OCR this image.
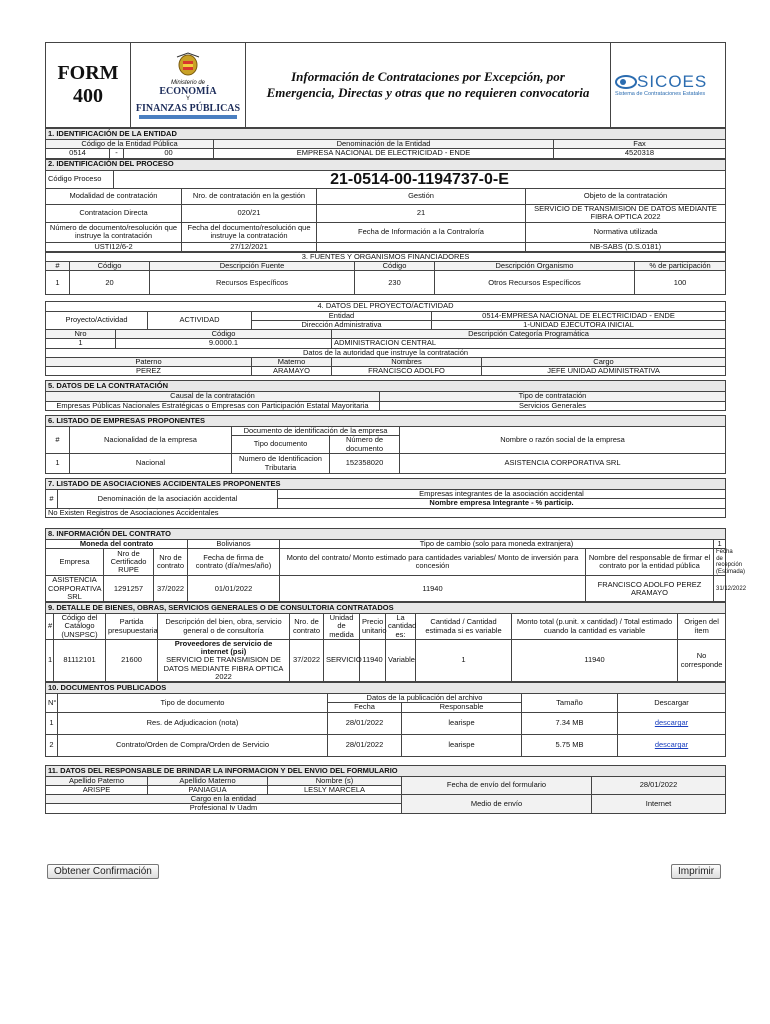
FORM
400

Ministerio de
ECONOMÍA
Y
FINANZAS PÚBLICAS

Información de Contrataciones por Excepción, por
Emergencia, Directas y otras que no requieren convocatoria

SICOES
Sistema de Contrataciones Estatales
1. IDENTIFICACIÓN DE LA ENTIDAD				
Código de la Entidad Pública			Denominación de la Entidad	Fax
0514	-	00	EMPRESA NACIONAL DE ELECTRICIDAD - ENDE	4520318
2. IDENTIFICACIÓN DEL PROCESO				
Código Proceso	21-0514-00-1194737-0-E			
Modalidad de contratación		Nro. de contratación en la gestión	Gestión	Objeto de la contratación
Contratacion Directa		020/21	21	SERVICIO DE TRANSMISION DE DATOS MEDIANTE FIBRA OPTICA 2022
Número de documento/resolución que instruye la contratación		Fecha del documento/resolución que instruye la contratación	Fecha de Información a la Contraloría	Normativa utilizada
USTI12/6-2		27/12/2021		NB-SABS (D.S.0181)
3. FUENTES Y ORGANISMOS FINANCIADORES					
#	Código	Descripción Fuente	Código	Descripción Organismo	% de participación
1	20	Recursos Específicos	230	Otros Recursos Específicos	100
4. DATOS DEL PROYECTO/ACTIVIDAD						
Proyecto/Actividad		ACTIVIDAD	Entidad		0514-EMPRESA NACIONAL DE ELECTRICIDAD - ENDE	
			Dirección Administrativa		1-UNIDAD EJECUTORA INICIAL	
Nro	Código			Descripción Categoría Programática		
1	9.0000.1			ADMINISTRACION CENTRAL		
Datos de la autoridad que instruye la contratación						
Paterno			Materno	Nombres		Cargo
PEREZ			ARAMAYO	FRANCISCO ADOLFO		JEFE UNIDAD ADMINISTRATIVA
5. DATOS DE LA CONTRATACIÓN	
Causal de la contratación	Tipo de contratación
Empresas Públicas Nacionales Estratégicas o Empresas con Participación Estatal Mayoritaria	Servicios Generales
6. LISTADO DE EMPRESAS PROPONENTES				
#	Nacionalidad de la empresa	Documento de identificación de la empresa		Nombre o razón social de la empresa
		Tipo documento	Número de documento	
1	Nacional	Numero de Identificacion Tributaria	152358020	ASISTENCIA CORPORATIVA SRL
7. LISTADO DE ASOCIACIONES ACCIDENTALES PROPONENTES
#	Denominación de la asociación accidental	Empresas integrantes de la asociación accidental
Nombre empresa Integrante - % particip.
No Existen Registros de Asociaciones Accidentales
8. INFORMACIÓN DEL CONTRATO						
Moneda del contrato			Bolivianos	Tipo de cambio (solo para moneda extranjera)		1
Empresa	Nro de Certificado RUPE	Nro de contrato	Fecha de firma de contrato (día/mes/año)	Monto del contrato/ Monto estimado para cantidades variables/ Monto de inversión para concesión	Nombre del responsable de firmar el contrato por la entidad pública	Fecha de recepción (Estimada)
ASISTENCIA CORPORATIVA SRL	1291257	37/2022	01/01/2022	11940	FRANCISCO ADOLFO PEREZ ARAMAYO	31/12/2022
9. DETALLE DE BIENES, OBRAS, SERVICIOS GENERALES O DE CONSULTORIA CONTRATADOS										
#	Código del Catálogo (UNSPSC)	Partida presupuestaria	Descripción del bien, obra, servicio general o de consultoría	Nro. de contrato	Unidad de medida	Precio unitario	La cantidad es:	Cantidad / Cantidad estimada si es variable	Monto total (p.unit. x cantidad) / Total estimado cuando la cantidad es variable	Origen del ítem
1	81112101	21600	Proveedores de servicio de internet (psi)
SERVICIO DE TRANSMISION DE DATOS MEDIANTE FIBRA OPTICA 2022	37/2022	SERVICIO	11940	Variable	1	11940	No corresponde
10. DOCUMENTOS PUBLICADOS					
N°	Tipo de documento	Datos de la publicación del archivo		Tamaño	Descargar
		Fecha	Responsable		
1	Res. de Adjudicacion (nota)	28/01/2022	learispe	7.34 MB	descargar
2	Contrato/Orden de Compra/Orden de Servicio	28/01/2022	learispe	5.75 MB	descargar
11. DATOS DEL RESPONSABLE DE BRINDAR LA INFORMACION Y DEL ENVIO DEL FORMULARIO				
Apellido Paterno	Apellido Materno	Nombre (s)	Fecha de envío del formulario	28/01/2022
ARISPE	PANIAGUA	LESLY MARCELA		
Cargo en la entidad			Medio de envío	Internet
Profesional Iv Uadm				
Obtener Confirmación	Imprimir
